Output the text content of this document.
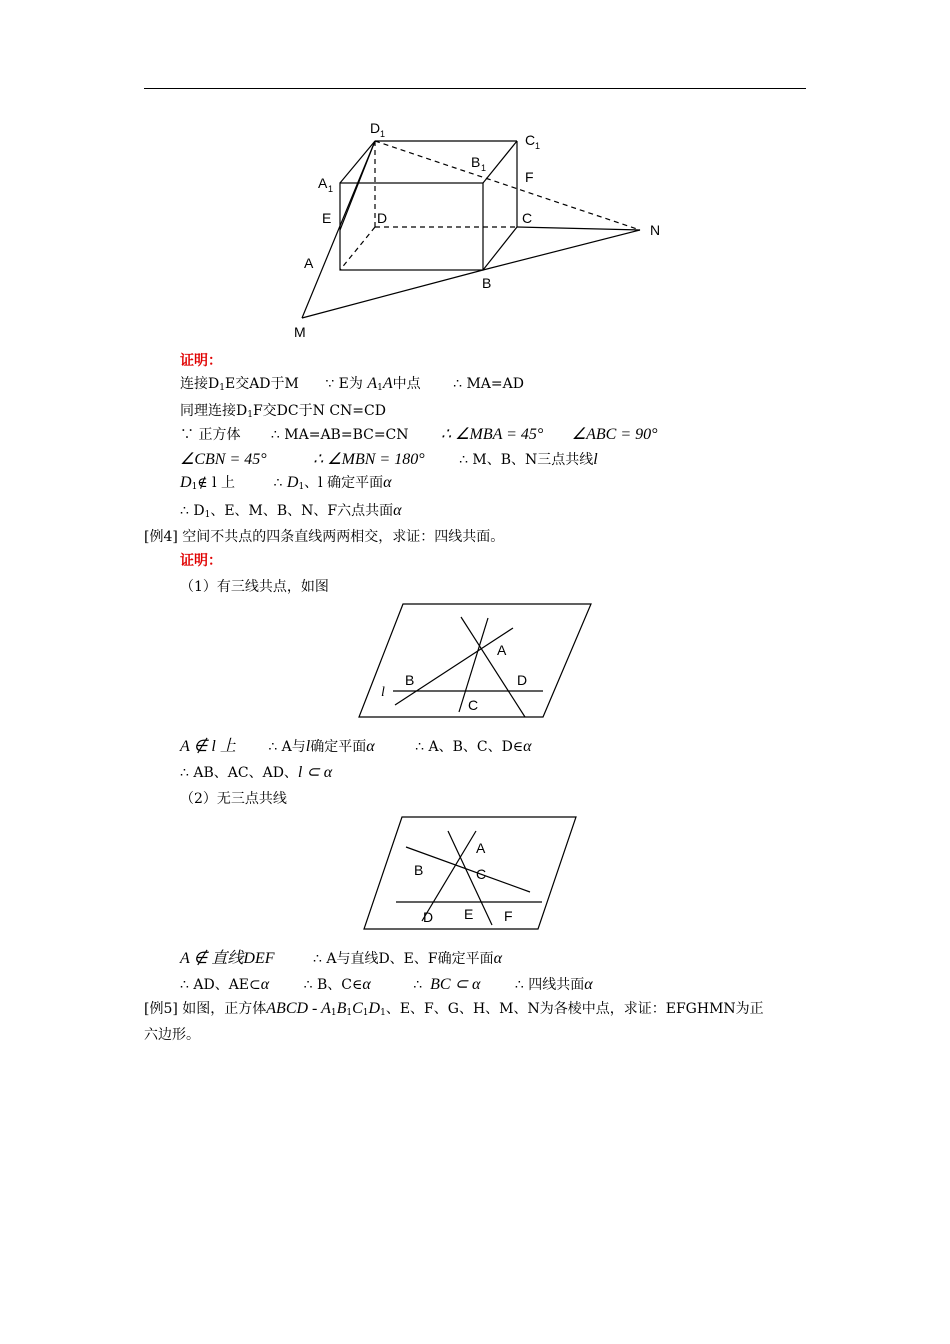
D 1	C 1
B 1
A 1
F
E	D	C
N
A
B
M
证明：
连接$D_1E$交AD于M ∵ E为 $A_1A$中点 ∴ MA=AD
同理连接$D_1F$交DC于N CN=CD
∵ 正方体 ∴ MA=AB=BC=CN ∴ ∠MBA = 45° ∠ABC = 90°
∠CBN = 45°	∴ ∠MBN = 180° ∴ M、B、N三点共线l
$D_1\notin$ l 上	∴ $D_1$、l 确定平面α
∴ $D_1$、E、M、B、N、F六点共面α
[例4] 空间不共点的四条直线两两相交，求证：四线共面。
证明：
（1）有三线共点，如图
A
B	D
C
l
A ∉ l 上 ∴ A与l确定平面α	∴ A、B、C、D∈α
∴ AB、AC、AD、l ⊂ α
（2）无三点共线
A
B	C
D E F
A ∉ 直线DEF	∴ A与直线D、E、F确定平面α
∴ AD、AE⊂α ∴ B、C∈α	∴ BC ⊂ α ∴ 四线共面α
[例5] 如图，正方体ABCD - $A_1B_1C_1D_1$、E、F、G、H、M、N为各棱中点，求证：EFGHMN为正
六边形。
